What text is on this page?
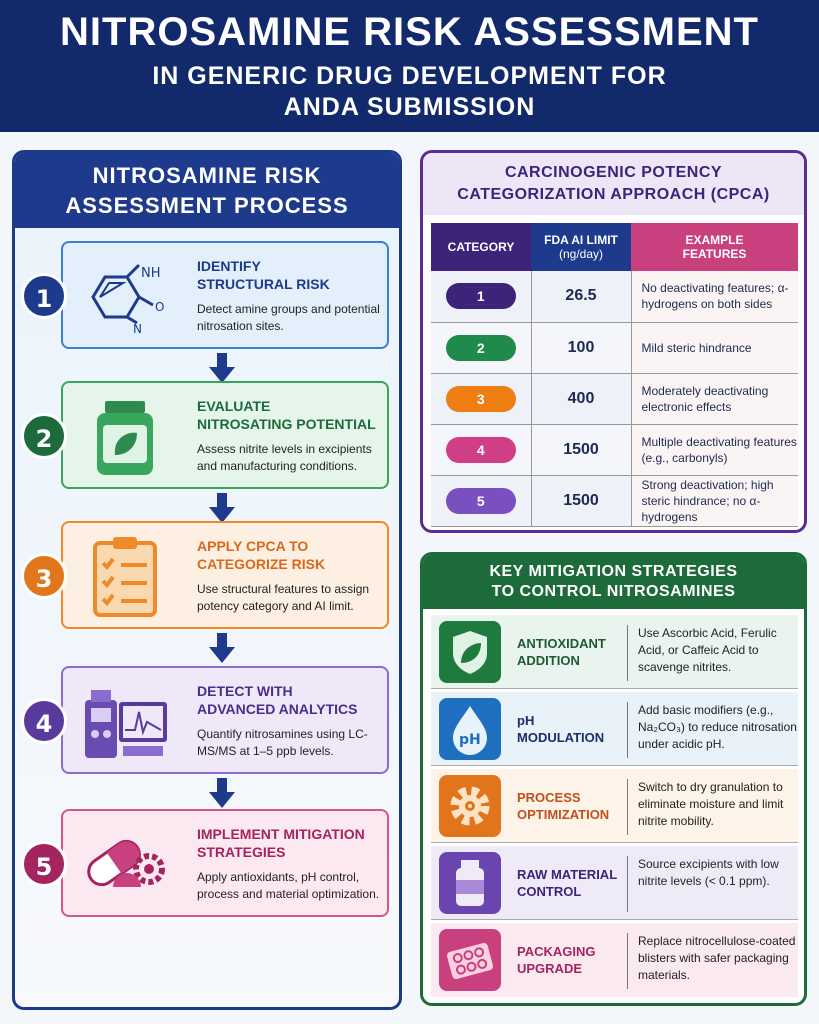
NITROSAMINE RISK ASSESSMENT
IN GENERIC DRUG DEVELOPMENT FOR
ANDA SUBMISSION
NITROSAMINE RISK
ASSESSMENT PROCESS
1
NH
O
N
IDENTIFY
STRUCTURAL RISK
Detect amine groups and potential nitrosation sites.
2
EVALUATE
NITROSATING POTENTIAL
Assess nitrite levels in excipients and manufacturing conditions.
3
APPLY CPCA TO
CATEGORIZE RISK
Use structural features to assign potency category and AI limit.
4
DETECT WITH
ADVANCED ANALYTICS
Quantify nitrosamines using LC-MS/MS at 1–5 ppb levels.
5
IMPLEMENT MITIGATION
STRATEGIES
Apply antioxidants, pH control, process and material optimization.
CARCINOGENIC POTENCY
CATEGORIZATION APPROACH (CPCA)
CATEGORY	FDA AI LIMIT
(ng/day)	EXAMPLE
FEATURES
1	26.5	No deactivating features; α-hydrogens on both sides
2	100	Mild steric hindrance
3	400	Moderately deactivating electronic effects
4	1500	Multiple deactivating features (e.g., carbonyls)
5	1500	Strong deactivation; high steric hindrance; no α-hydrogens
KEY MITIGATION STRATEGIES
TO CONTROL NITROSAMINES
ANTIOXIDANT
ADDITION
Use Ascorbic Acid, Ferulic Acid, or Caffeic Acid to scavenge nitrites.
pH
pH
MODULATION
Add basic modifiers (e.g., Na₂CO₃) to reduce nitrosation under acidic pH.
PROCESS
OPTIMIZATION
Switch to dry granulation to eliminate moisture and limit nitrite mobility.
RAW MATERIAL
CONTROL
Source excipients with low nitrite levels (< 0.1 ppm).
PACKAGING
UPGRADE
Replace nitrocellulose-coated blisters with safer packaging materials.
